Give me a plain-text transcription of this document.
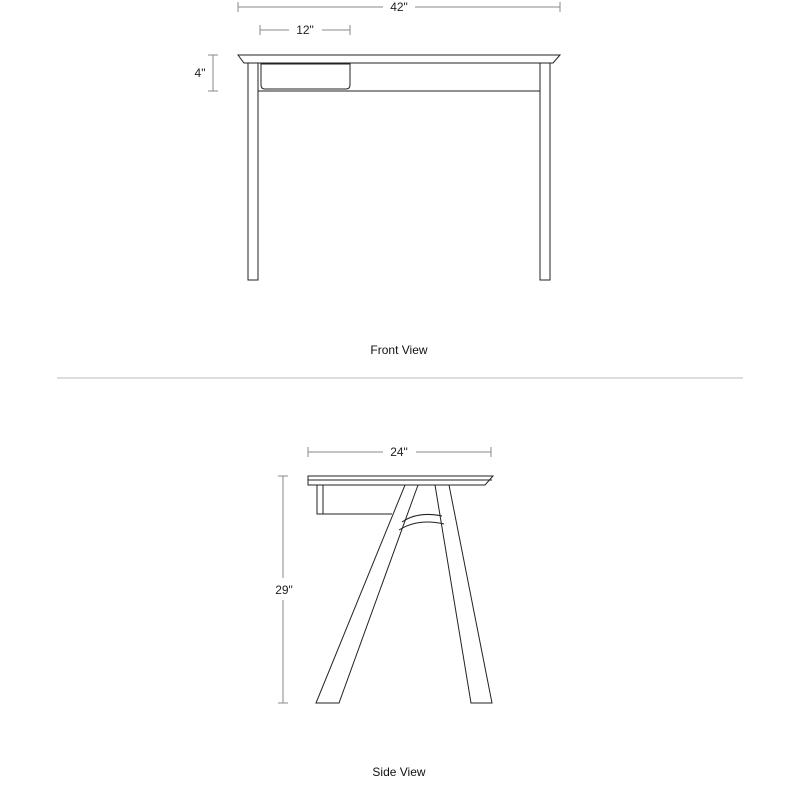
42"
12"
4"
Front View
24"
29"
Side View
